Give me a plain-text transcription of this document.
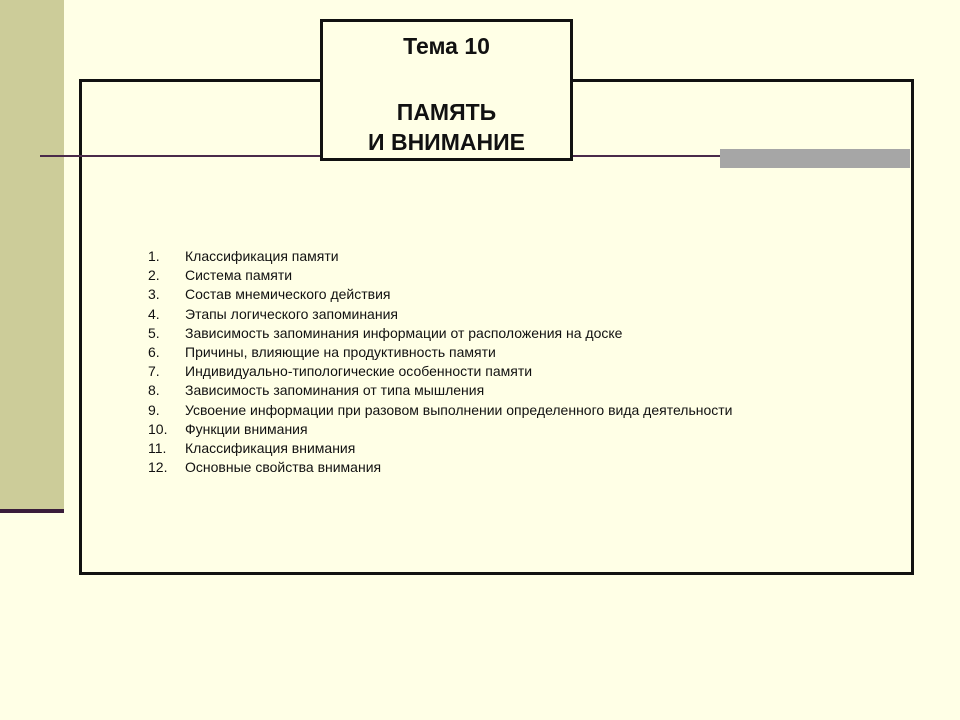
Тема 10
ПАМЯТЬ
И ВНИМАНИЕ
1. Классификация памяти
2. Система памяти
3. Состав мнемического действия
4. Этапы логического запоминания
5. Зависимость запоминания информации от расположения на доске
6. Причины, влияющие на продуктивность памяти
7. Индивидуально-типологические особенности памяти
8. Зависимость запоминания от типа мышления
9. Усвоение информации при разовом выполнении определенного вида деятельности
10. Функции внимания
11. Классификация внимания
12. Основные свойства внимания
